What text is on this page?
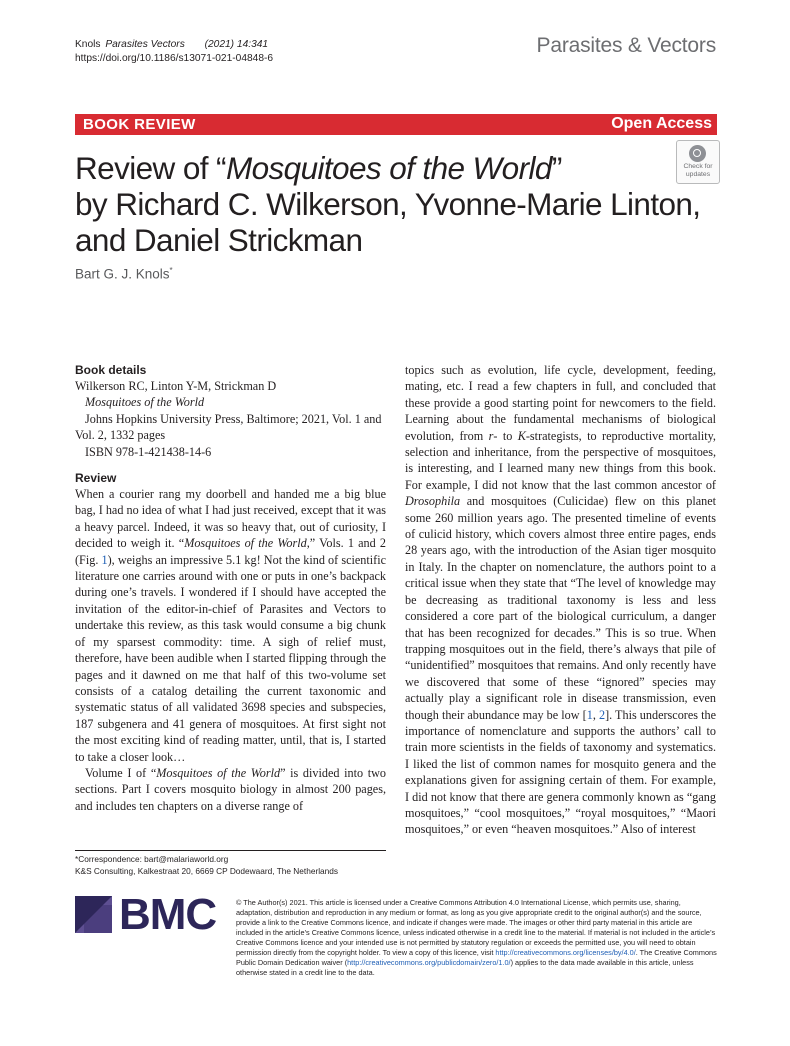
Knols Parasites Vectors (2021) 14:341
https://doi.org/10.1186/s13071-021-04848-6
Parasites & Vectors
BOOK REVIEW	Open Access
Review of “Mosquitoes of the World”
by Richard C. Wilkerson, Yvonne-Marie Linton,
and Daniel Strickman
Check for
updates
Bart G. J. Knols*

Book details

Wilkerson RC, Linton Y-M, Strickman D
Mosquitoes of the World
Johns Hopkins University Press, Baltimore; 2021, Vol. 1 and Vol. 2, 1332 pages
ISBN 978-1-421438-14-6

Review

When a courier rang my doorbell and handed me a big blue bag, I had no idea of what I had just received, except that it was a heavy parcel. Indeed, it was so heavy that, out of curiosity, I decided to weigh it. “Mosquitoes of the World,” Vols. 1 and 2 (Fig. 1), weighs an impressive 5.1 kg! Not the kind of scientific literature one carries around with one or puts in one’s backpack during one’s travels. I wondered if I should have accepted the invitation of the editor-in-chief of Parasites and Vectors to undertake this review, as this task would consume a big chunk of my sparsest commodity: time. A sigh of relief must, therefore, have been audible when I started flipping through the pages and it dawned on me that half of this two-volume set consists of a catalog detailing the current taxonomic and systematic status of all validated 3698 species and subspecies, 187 subgenera and 41 genera of mosquitoes. At first sight not the most exciting kind of reading matter, until, that is, I started to take a closer look…

Volume I of “Mosquitoes of the World” is divided into two sections. Part I covers mosquito biology in almost 200 pages, and includes ten chapters on a diverse range of

topics such as evolution, life cycle, development, feeding, mating, etc. I read a few chapters in full, and concluded that these provide a good starting point for newcomers to the field. Learning about the fundamental mechanisms of biological evolution, from r- to K-strategists, to reproductive mortality, selection and inheritance, from the perspective of mosquitoes, is interesting, and I learned many new things from this book. For example, I did not know that the last common ancestor of Drosophila and mosquitoes (Culicidae) flew on this planet some 260 million years ago. The presented timeline of events of culicid history, which covers almost three entire pages, ends 28 years ago, with the introduction of the Asian tiger mosquito in Italy. In the chapter on nomenclature, the authors point to a critical issue when they state that “The level of knowledge may be decreasing as traditional taxonomy is less and less considered a core part of the biological curriculum, a danger that has been recognized for decades.” This is so true. When trapping mosquitoes out in the field, there’s always that pile of “unidentified” mosquitoes that remains. And only recently have we discovered that some of these “ignored” species may actually play a significant role in disease transmission, even though their abundance may be low [1, 2]. This underscores the importance of nomenclature and supports the authors’ call to train more scientists in the fields of taxonomy and systematics. I liked the list of common names for mosquito genera and the explanations given for assigning certain of them. For example, I did not know that there are genera commonly known as “gang mosquitoes,” “cool mosquitoes,” “royal mosquitoes,” “Maori mosquitoes,” or even “heaven mosquitoes.” Also of interest

*Correspondence: bart@malariaworld.org
K&S Consulting, Kalkestraat 20, 6669 CP Dodewaard, The Netherlands
BMC	© The Author(s) 2021. This article is licensed under a Creative Commons Attribution 4.0 International License, which permits use, sharing, adaptation, distribution and reproduction in any medium or format, as long as you give appropriate credit to the original author(s) and the source, provide a link to the Creative Commons licence, and indicate if changes were made. The images or other third party material in this article are included in the article’s Creative Commons licence, unless indicated otherwise in a credit line to the material. If material is not included in the article’s Creative Commons licence and your intended use is not permitted by statutory regulation or exceeds the permitted use, you will need to obtain permission directly from the copyright holder. To view a copy of this licence, visit http://creativecommons.org/licenses/by/4.0/. The Creative Commons Public Domain Dedication waiver (http://creativecommons.org/publicdomain/zero/1.0/) applies to the data made available in this article, unless otherwise stated in a credit line to the data.
